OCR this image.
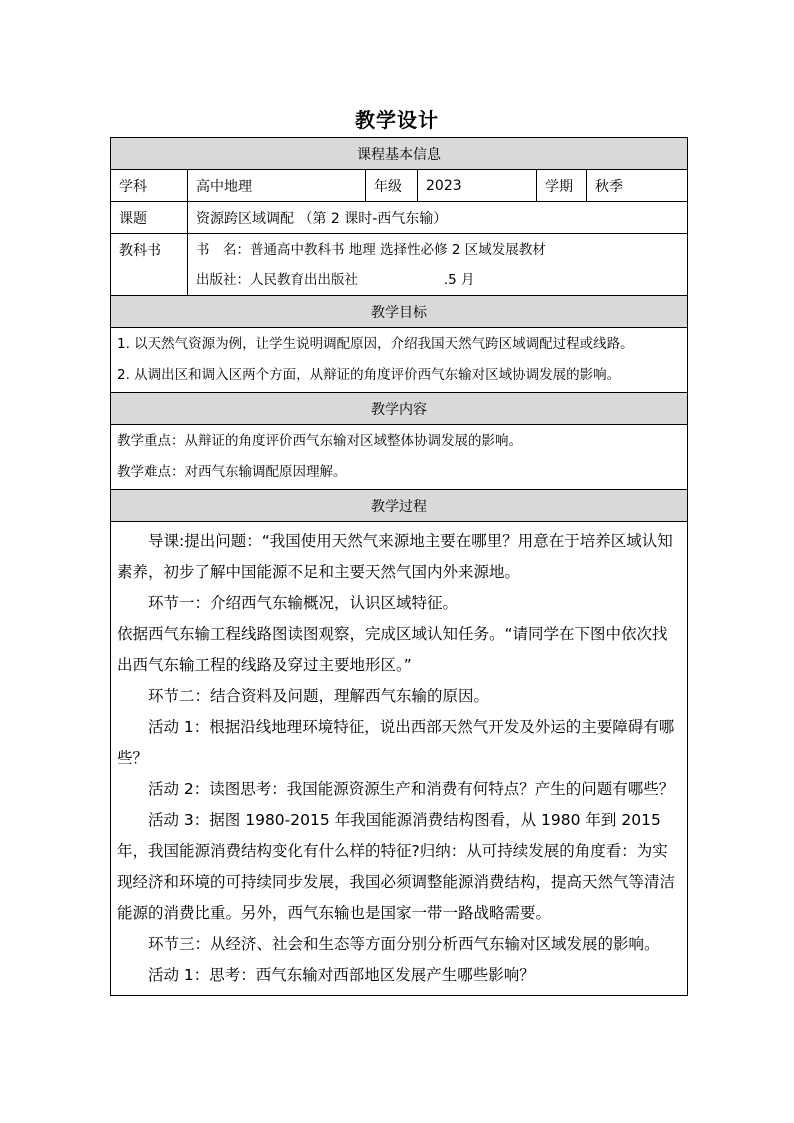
教学设计
课程基本信息
学科	高中地理	年级	2023	学期	秋季
课题	资源跨区域调配 （第 2 课时-西气东输）
教科书	书　名：普通高中教科书 地理 选择性必修 2 区域发展教材
出版社：人民教育出出版社                    .5 月
教学目标
1. 以天然气资源为例，让学生说明调配原因，介绍我国天然气跨区域调配过程或线路。
2. 从调出区和调入区两个方面，从辩证的角度评价西气东输对区域协调发展的影响。
教学内容
教学重点：从辩证的角度评价西气东输对区域整体协调发展的影响。
教学难点：对西气东输调配原因理解。
教学过程

导课:提出问题：“我国使用天然气来源地主要在哪里？用意在于培养区域认知素养，初步了解中国能源不足和主要天然气国内外来源地。

环节一：介绍西气东输概况，认识区域特征。

依据西气东输工程线路图读图观察，完成区域认知任务。“请同学在下图中依次找出西气东输工程的线路及穿过主要地形区。”

环节二：结合资料及问题，理解西气东输的原因。

活动 1：根据沿线地理环境特征，说出西部天然气开发及外运的主要障碍有哪些？

活动 2：读图思考：我国能源资源生产和消费有何特点？产生的问题有哪些？

活动 3：据图 1980-2015 年我国能源消费结构图看，从 1980 年到 2015 年，我国能源消费结构变化有什么样的特征?归纳：从可持续发展的角度看：为实现经济和环境的可持续同步发展，我国必须调整能源消费结构，提高天然气等清洁能源的消费比重。另外，西气东输也是国家一带一路战略需要。

环节三：从经济、社会和生态等方面分别分析西气东输对区域发展的影响。

活动 1：思考：西气东输对西部地区发展产生哪些影响？
